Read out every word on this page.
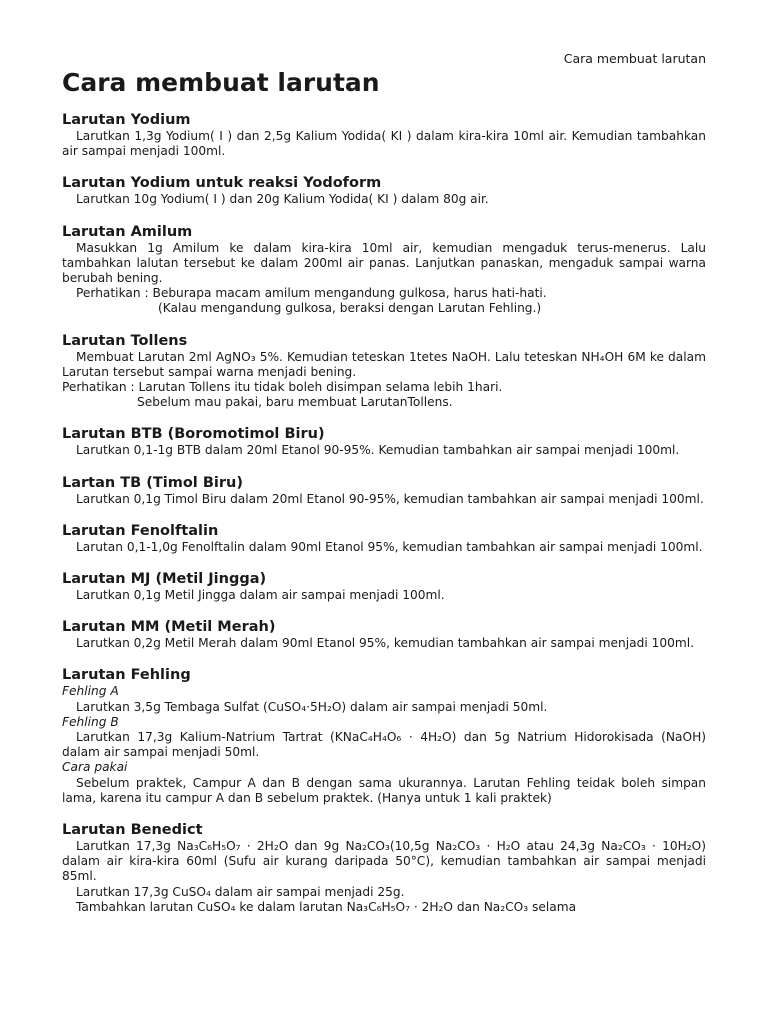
Cara membuat larutan
Cara membuat larutan
Larutan Yodium

Larutkan 1,3g Yodium( I ) dan 2,5g Kalium Yodida( KI ) dalam kira-kira 10ml air. Kemudian tambahkan air sampai menjadi 100ml.

Larutan Yodium untuk reaksi Yodoform

Larutkan 10g Yodium( I ) dan 20g Kalium Yodida( KI ) dalam 80g air.

Larutan Amilum

Masukkan 1g Amilum ke dalam kira-kira 10ml air, kemudian mengaduk terus-menerus. Lalu tambahkan lalutan tersebut ke dalam 200ml air panas. Lanjutkan panaskan, mengaduk sampai warna berubah bening.

Perhatikan : Beburapa macam amilum mengandung gulkosa, harus hati-hati.

(Kalau mengandung gulkosa, beraksi dengan Larutan Fehling.)

Larutan Tollens

Membuat Larutan 2ml AgNO₃ 5%. Kemudian teteskan 1tetes NaOH. Lalu teteskan NH₄OH 6M ke dalam Larutan tersebut sampai warna menjadi bening.

Perhatikan : Larutan Tollens itu tidak boleh disimpan selama lebih 1hari.

Sebelum mau pakai, baru membuat LarutanTollens.

Larutan BTB (Boromotimol Biru)

Larutkan 0,1-1g BTB dalam 20ml Etanol 90-95%. Kemudian tambahkan air sampai menjadi 100ml.

Lartan TB (Timol Biru)

Larutkan 0,1g Timol Biru dalam 20ml Etanol 90-95%, kemudian tambahkan air sampai menjadi 100ml.

Larutan Fenolftalin

Larutan 0,1-1,0g Fenolftalin dalam 90ml Etanol 95%, kemudian tambahkan air sampai menjadi 100ml.

Larutan MJ (Metil Jingga)

Larutkan 0,1g Metil Jingga dalam air sampai menjadi 100ml.

Larutan MM (Metil Merah)

Larutkan 0,2g Metil Merah dalam 90ml Etanol 95%, kemudian tambahkan air sampai menjadi 100ml.

Larutan Fehling

Fehling A

Larutkan 3,5g Tembaga Sulfat (CuSO₄·5H₂O) dalam air sampai menjadi 50ml.

Fehling B

Larutkan 17,3g Kalium-Natrium Tartrat (KNaC₄H₄O₆ · 4H₂O) dan 5g Natrium Hidorokisada (NaOH) dalam air sampai menjadi 50ml.

Cara pakai

Sebelum praktek, Campur A dan B dengan sama ukurannya. Larutan Fehling teidak boleh simpan lama, karena itu campur A dan B sebelum praktek. (Hanya untuk 1 kali praktek)

Larutan Benedict

Larutkan 17,3g Na₃C₆H₅O₇ · 2H₂O dan 9g Na₂CO₃(10,5g Na₂CO₃ · H₂O atau 24,3g Na₂CO₃ · 10H₂O) dalam air kira-kira 60ml (Sufu air kurang daripada 50°C), kemudian tambahkan air sampai menjadi 85ml.

Larutkan 17,3g CuSO₄ dalam air sampai menjadi 25g.

Tambahkan larutan CuSO₄ ke dalam larutan Na₃C₆H₅O₇ · 2H₂O dan Na₂CO₃ selama
